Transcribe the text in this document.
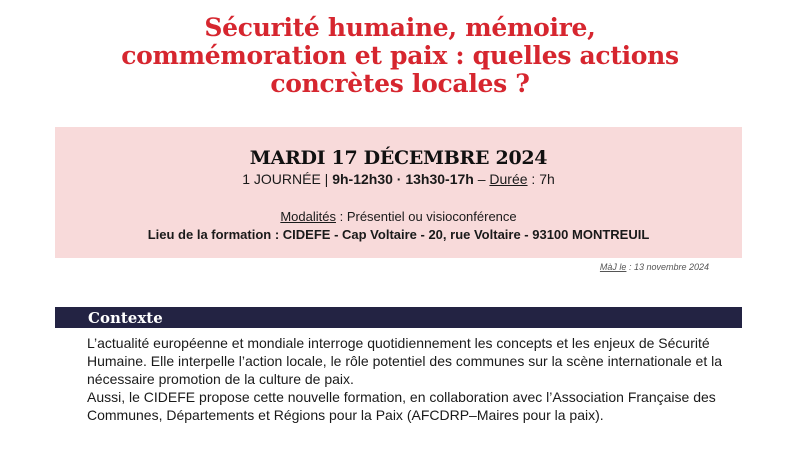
Sécurité humaine, mémoire,
commémoration et paix : quelles actions
concrètes locales ?
MARDI 17 DÉCEMBRE 2024
1 JOURNÉE | 9h-12h30 · 13h30-17h – Durée : 7h
Modalités : Présentiel ou visioconférence
Lieu de la formation : CIDEFE - Cap Voltaire - 20, rue Voltaire - 93100 MONTREUIL
MàJ le : 13 novembre 2024
Contexte

L’actualité européenne et mondiale interroge quotidiennement les concepts et les enjeux de Sécurité Humaine. Elle interpelle l’action locale, le rôle potentiel des communes sur la scène internationale et la nécessaire promotion de la culture de paix.

Aussi, le CIDEFE propose cette nouvelle formation, en collaboration avec l’Association Française des Communes, Départements et Régions pour la Paix (AFCDRP–Maires pour la paix).
